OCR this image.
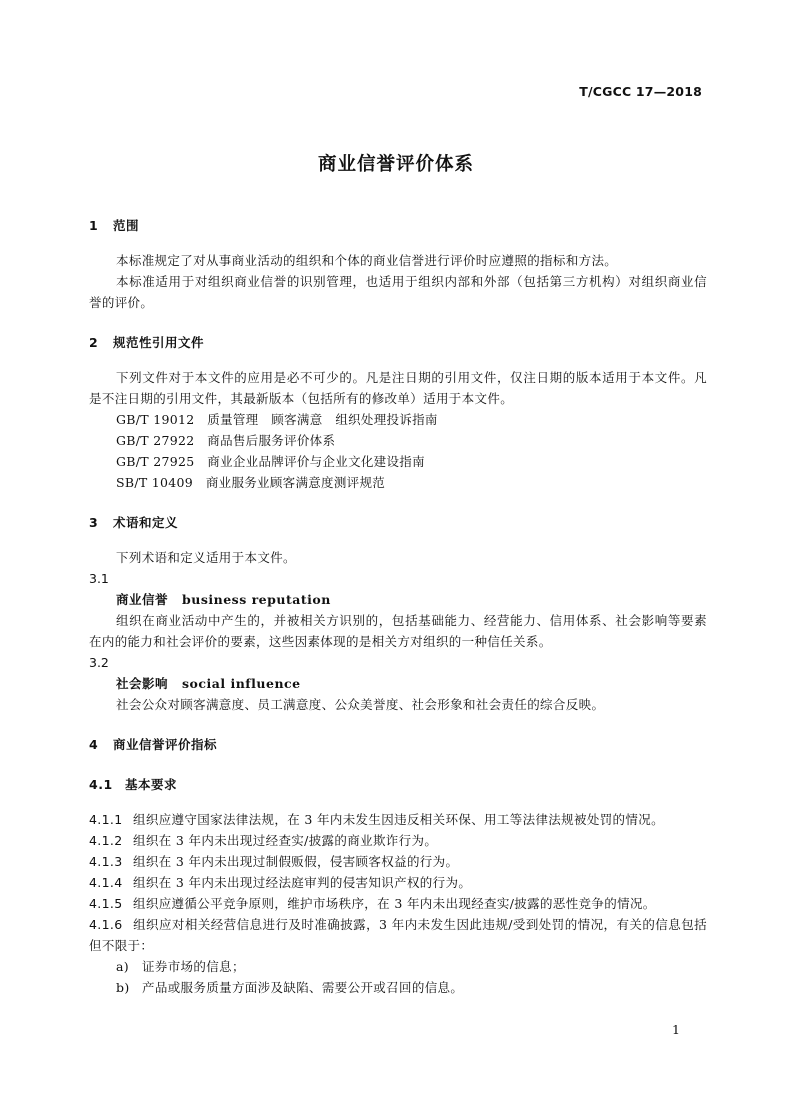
T/CGCC 17—2018
商业信誉评价体系
1 范围
本标准规定了对从事商业活动的组织和个体的商业信誉进行评价时应遵照的指标和方法。
本标准适用于对组织商业信誉的识别管理，也适用于组织内部和外部（包括第三方机构）对组织商业信誉的评价。
2 规范性引用文件
下列文件对于本文件的应用是必不可少的。凡是注日期的引用文件，仅注日期的版本适用于本文件。凡是不注日期的引用文件，其最新版本（包括所有的修改单）适用于本文件。
GB/T 19012   质量管理   顾客满意   组织处理投诉指南
GB/T 27922   商品售后服务评价体系
GB/T 27925   商业企业品牌评价与企业文化建设指南
SB/T 10409   商业服务业顾客满意度测评规范
3 术语和定义
下列术语和定义适用于本文件。
3.1
商业信誉 business reputation
组织在商业活动中产生的，并被相关方识别的，包括基础能力、经营能力、信用体系、社会影响等要素在内的能力和社会评价的要素，这些因素体现的是相关方对组织的一种信任关系。
3.2
社会影响 social influence
社会公众对顾客满意度、员工满意度、公众美誉度、社会形象和社会责任的综合反映。
4 商业信誉评价指标
4.1 基本要求
4.1.1 组织应遵守国家法律法规，在 3 年内未发生因违反相关环保、用工等法律法规被处罚的情况。
4.1.2 组织在 3 年内未出现过经查实/披露的商业欺诈行为。
4.1.3 组织在 3 年内未出现过制假贩假，侵害顾客权益的行为。
4.1.4 组织在 3 年内未出现过经法庭审判的侵害知识产权的行为。
4.1.5 组织应遵循公平竞争原则，维护市场秩序，在 3 年内未出现经查实/披露的恶性竞争的情况。
4.1.6 组织应对相关经营信息进行及时准确披露，3 年内未发生因此违规/受到处罚的情况，有关的信息包括但不限于：
a) 证券市场的信息；
b) 产品或服务质量方面涉及缺陷、需要公开或召回的信息。
1
